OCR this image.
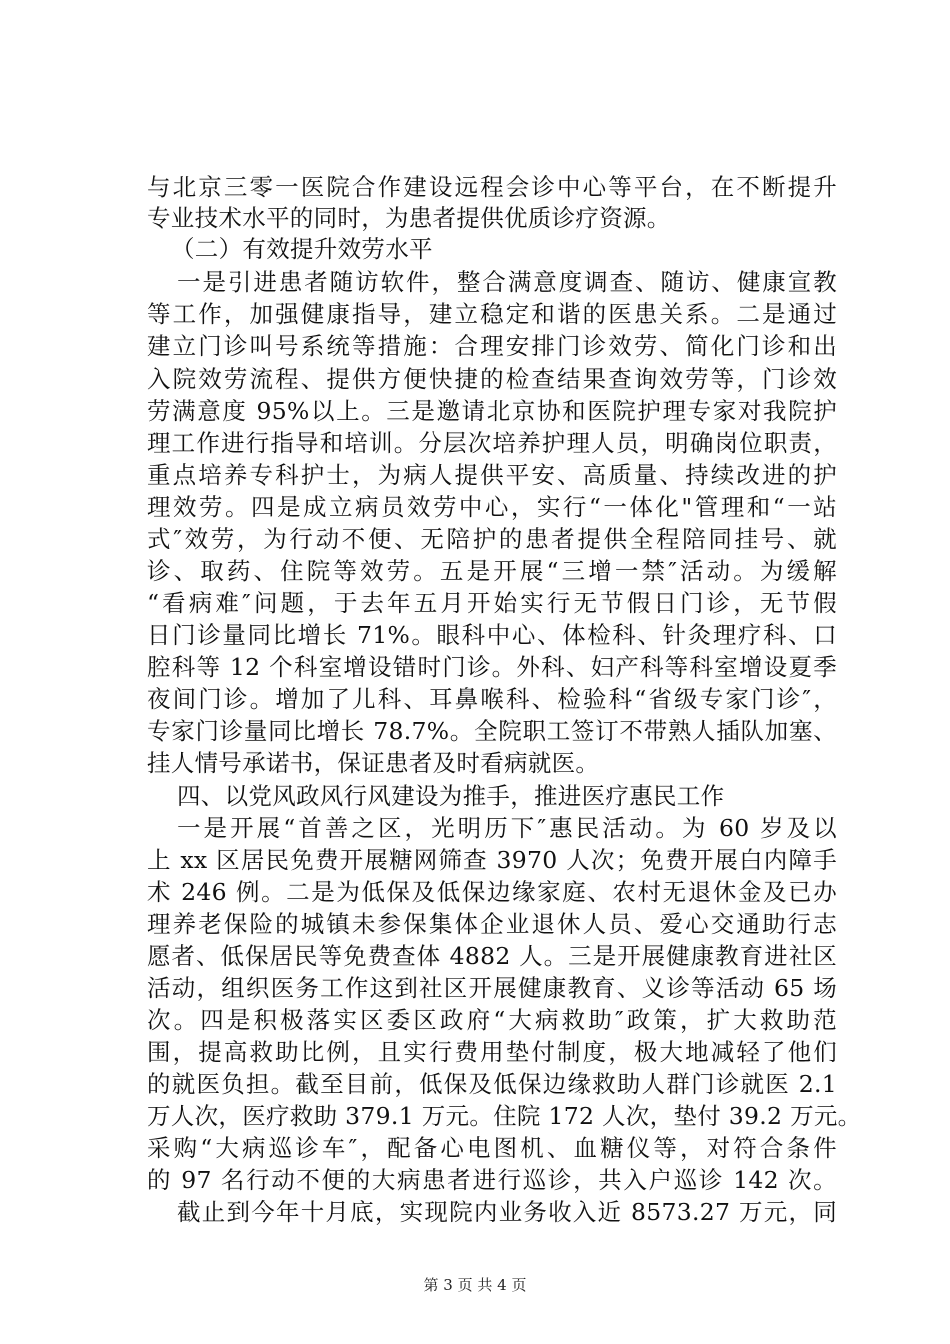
与北京三零一医院合作建设远程会诊中心等平台，在不断提升
专业技术水平的同时，为患者提供优质诊疗资源。
（二）有效提升效劳水平
一是引进患者随访软件，整合满意度调查、随访、健康宣教
等工作，加强健康指导，建立稳定和谐的医患关系。二是通过
建立门诊叫号系统等措施：合理安排门诊效劳、简化门诊和出
入院效劳流程、提供方便快捷的检查结果查询效劳等，门诊效
劳满意度 95%以上。三是邀请北京协和医院护理专家对我院护
理工作进行指导和培训。分层次培养护理人员，明确岗位职责，
重点培养专科护士，为病人提供平安、高质量、持续改进的护
理效劳。四是成立病员效劳中心，实行“一体化"管理和“一站
式″效劳，为行动不便、无陪护的患者提供全程陪同挂号、就
诊、取药、住院等效劳。五是开展“三增一禁″活动。为缓解
“看病难″问题，于去年五月开始实行无节假日门诊，无节假
日门诊量同比增长 71%。眼科中心、体检科、针灸理疗科、口
腔科等 12 个科室增设错时门诊。外科、妇产科等科室增设夏季
夜间门诊。增加了儿科、耳鼻喉科、检验科“省级专家门诊″，
专家门诊量同比增长 78.7%。全院职工签订不带熟人插队加塞、
挂人情号承诺书，保证患者及时看病就医。
四、以党风政风行风建设为推手，推进医疗惠民工作
一是开展“首善之区，光明历下″惠民活动。为 60 岁及以
上 xx 区居民免费开展糖网筛查 3970 人次；免费开展白内障手
术 246 例。二是为低保及低保边缘家庭、农村无退休金及已办
理养老保险的城镇未参保集体企业退休人员、爱心交通助行志
愿者、低保居民等免费查体 4882 人。三是开展健康教育进社区
活动，组织医务工作这到社区开展健康教育、义诊等活动 65 场
次。四是积极落实区委区政府“大病救助″政策，扩大救助范
围，提高救助比例，且实行费用垫付制度，极大地减轻了他们
的就医负担。截至目前，低保及低保边缘救助人群门诊就医 2.1
万人次，医疗救助 379.1 万元。住院 172 人次，垫付 39.2 万元。
采购“大病巡诊车″，配备心电图机、血糖仪等，对符合条件
的 97 名行动不便的大病患者进行巡诊，共入户巡诊 142 次。
截止到今年十月底，实现院内业务收入近 8573.27 万元，同
第 3 页 共 4 页
